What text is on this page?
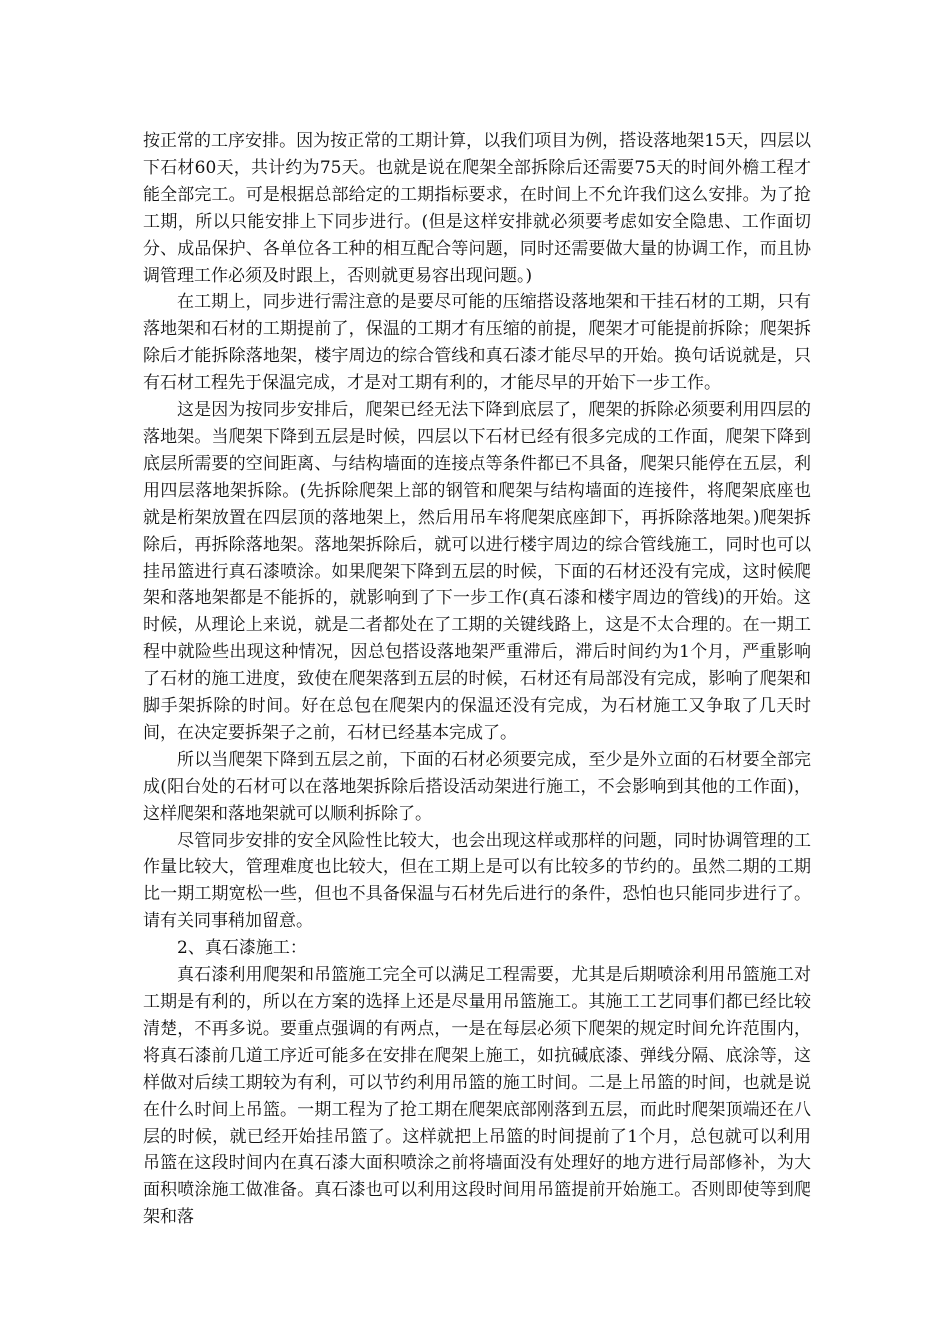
按正常的工序安排。因为按正常的工期计算，以我们项目为例，搭设落地架15天，四层以下石材60天，共计约为75天。也就是说在爬架全部拆除后还需要75天的时间外檐工程才能全部完工。可是根据总部给定的工期指标要求，在时间上不允许我们这么安排。为了抢工期，所以只能安排上下同步进行。(但是这样安排就必须要考虑如安全隐患、工作面切分、成品保护、各单位各工种的相互配合等问题，同时还需要做大量的协调工作，而且协调管理工作必须及时跟上，否则就更易容出现问题。)

在工期上，同步进行需注意的是要尽可能的压缩搭设落地架和干挂石材的工期，只有落地架和石材的工期提前了，保温的工期才有压缩的前提，爬架才可能提前拆除；爬架拆除后才能拆除落地架，楼宇周边的综合管线和真石漆才能尽早的开始。换句话说就是，只有石材工程先于保温完成，才是对工期有利的，才能尽早的开始下一步工作。

这是因为按同步安排后，爬架已经无法下降到底层了，爬架的拆除必须要利用四层的落地架。当爬架下降到五层是时候，四层以下石材已经有很多完成的工作面，爬架下降到底层所需要的空间距离、与结构墙面的连接点等条件都已不具备，爬架只能停在五层，利用四层落地架拆除。(先拆除爬架上部的钢管和爬架与结构墙面的连接件，将爬架底座也就是桁架放置在四层顶的落地架上，然后用吊车将爬架底座卸下，再拆除落地架。)爬架拆除后，再拆除落地架。落地架拆除后，就可以进行楼宇周边的综合管线施工，同时也可以挂吊篮进行真石漆喷涂。如果爬架下降到五层的时候，下面的石材还没有完成，这时候爬架和落地架都是不能拆的，就影响到了下一步工作(真石漆和楼宇周边的管线)的开始。这时候，从理论上来说，就是二者都处在了工期的关键线路上，这是不太合理的。在一期工程中就险些出现这种情况，因总包搭设落地架严重滞后，滞后时间约为1个月，严重影响了石材的施工进度，致使在爬架落到五层的时候，石材还有局部没有完成，影响了爬架和脚手架拆除的时间。好在总包在爬架内的保温还没有完成，为石材施工又争取了几天时间，在决定要拆架子之前，石材已经基本完成了。

所以当爬架下降到五层之前，下面的石材必须要完成，至少是外立面的石材要全部完成(阳台处的石材可以在落地架拆除后搭设活动架进行施工，不会影响到其他的工作面)，这样爬架和落地架就可以顺利拆除了。

尽管同步安排的安全风险性比较大，也会出现这样或那样的问题，同时协调管理的工作量比较大，管理难度也比较大，但在工期上是可以有比较多的节约的。虽然二期的工期比一期工期宽松一些，但也不具备保温与石材先后进行的条件，恐怕也只能同步进行了。请有关同事稍加留意。

2、真石漆施工：

真石漆利用爬架和吊篮施工完全可以满足工程需要，尤其是后期喷涂利用吊篮施工对工期是有利的，所以在方案的选择上还是尽量用吊篮施工。其施工工艺同事们都已经比较清楚，不再多说。要重点强调的有两点，一是在每层必须下爬架的规定时间允许范围内，将真石漆前几道工序近可能多在安排在爬架上施工，如抗碱底漆、弹线分隔、底涂等，这样做对后续工期较为有利，可以节约利用吊篮的施工时间。二是上吊篮的时间，也就是说在什么时间上吊篮。一期工程为了抢工期在爬架底部刚落到五层，而此时爬架顶端还在八层的时候，就已经开始挂吊篮了。这样就把上吊篮的时间提前了1个月，总包就可以利用吊篮在这段时间内在真石漆大面积喷涂之前将墙面没有处理好的地方进行局部修补，为大面积喷涂施工做准备。真石漆也可以利用这段时间用吊篮提前开始施工。否则即使等到爬架和落
